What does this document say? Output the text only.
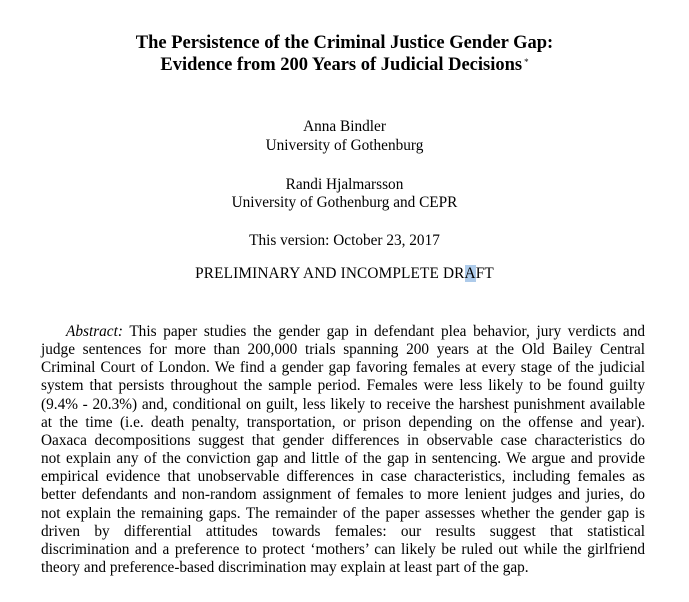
The Persistence of the Criminal Justice Gender Gap:
Evidence from 200 Years of Judicial Decisions *

Anna Bindler

University of Gothenburg

Randi Hjalmarsson

University of Gothenburg and CEPR

This version: October 23, 2017

PRELIMINARY AND INCOMPLETE DRAFT

Abstract: This paper studies the gender gap in defendant plea behavior, jury verdicts and
judge sentences for more than 200,000 trials spanning 200 years at the Old Bailey Central
Criminal Court of London. We find a gender gap favoring females at every stage of the judicial
system that persists throughout the sample period. Females were less likely to be found guilty
(9.4% - 20.3%) and, conditional on guilt, less likely to receive the harshest punishment available
at the time (i.e. death penalty, transportation, or prison depending on the offense and year).
Oaxaca decompositions suggest that gender differences in observable case characteristics do
not explain any of the conviction gap and little of the gap in sentencing. We argue and provide
empirical evidence that unobservable differences in case characteristics, including females as
better defendants and non-random assignment of females to more lenient judges and juries, do
not explain the remaining gaps. The remainder of the paper assesses whether the gender gap is
driven by differential attitudes towards females: our results suggest that statistical
discrimination and a preference to protect ‘mothers’ can likely be ruled out while the girlfriend
theory and preference-based discrimination may explain at least part of the gap.
